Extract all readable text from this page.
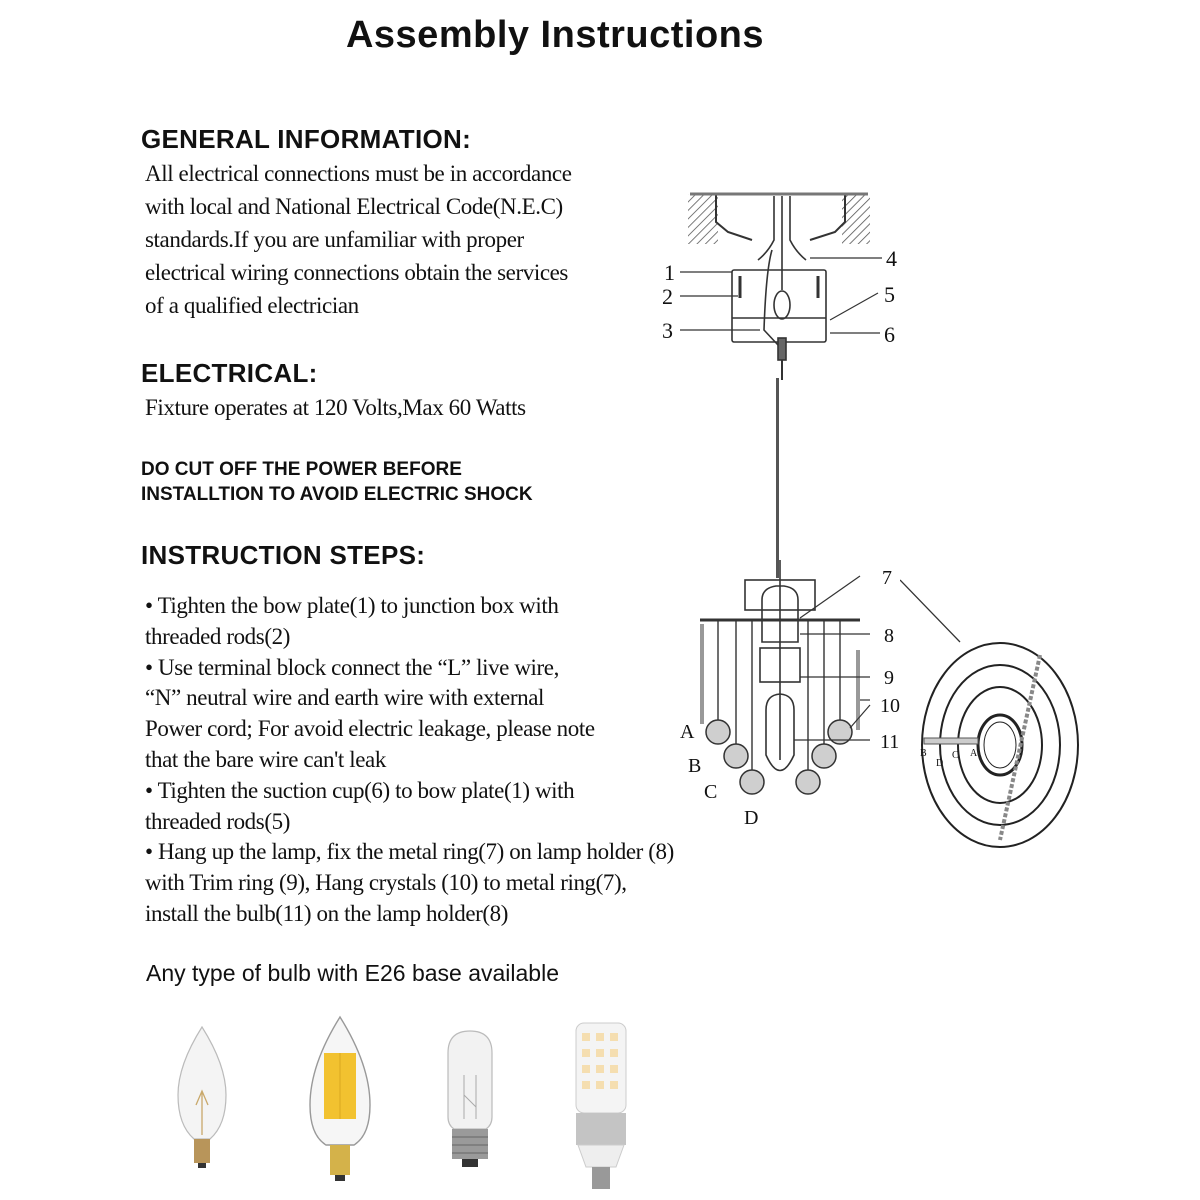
Assembly Instructions
GENERAL INFORMATION:
All electrical connections must be in accordance
with local and National Electrical Code(N.E.C)
standards.If you are unfamiliar with proper
electrical wiring connections obtain the services
of a qualified electrician
ELECTRICAL:
Fixture operates at 120 Volts,Max 60 Watts
DO CUT OFF THE POWER BEFORE
INSTALLTION TO AVOID ELECTRIC SHOCK
INSTRUCTION STEPS:
• Tighten the bow plate(1) to junction box with
threaded rods(2)
• Use terminal block connect the “L” live wire,
“N” neutral wire and earth wire with external
Power cord; For avoid electric leakage, please note
that the bare wire can't leak
• Tighten the suction cup(6) to bow plate(1) with
threaded rods(5)
• Hang up the lamp, fix the metal ring(7) on lamp holder (8)
with Trim ring (9), Hang crystals (10) to metal ring(7),
install the bulb(11) on the lamp holder(8)
Any type of bulb with E26 base available
1
2
3
4
5
6
7
8
9
10
11
A
B
C
D
A
B	C
D
